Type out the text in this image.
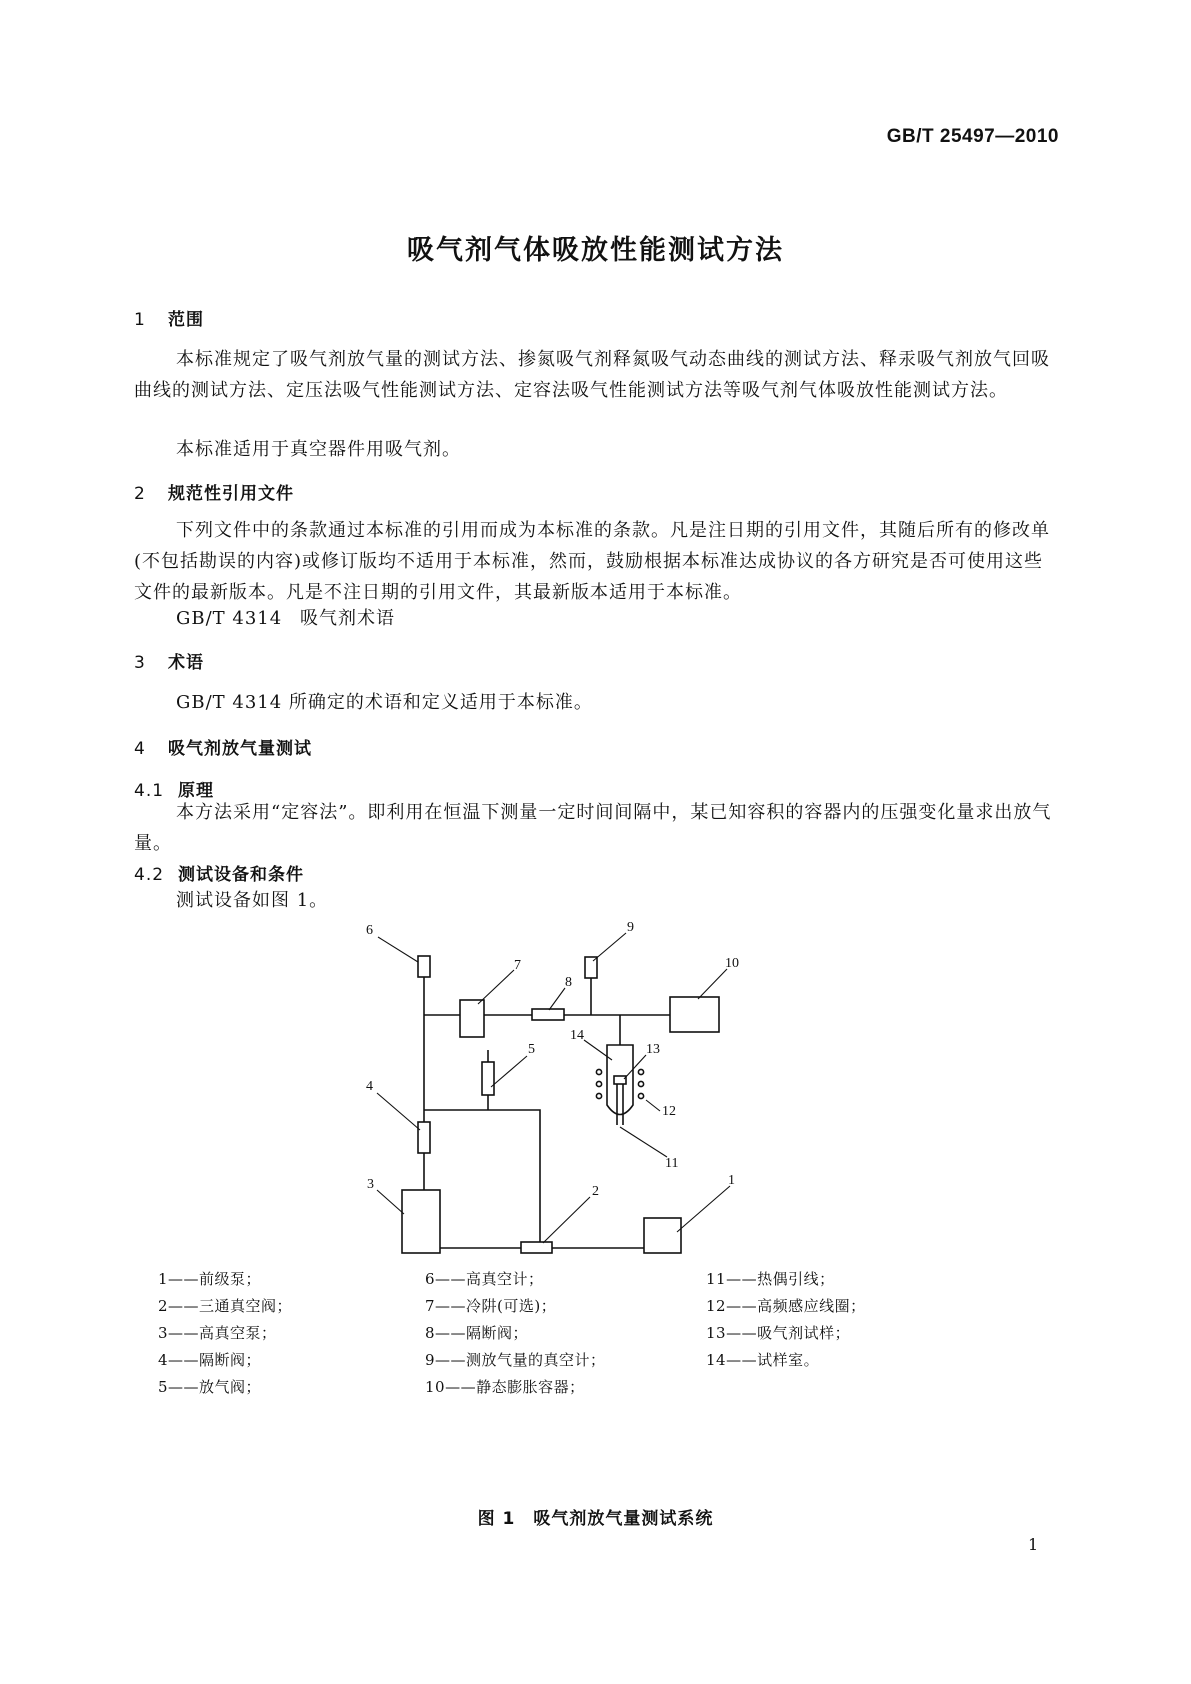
GB/T 25497—2010
吸气剂气体吸放性能测试方法
1 范围

本标准规定了吸气剂放气量的测试方法、掺氮吸气剂释氮吸气动态曲线的测试方法、释汞吸气剂放气回吸曲线的测试方法、定压法吸气性能测试方法、定容法吸气性能测试方法等吸气剂气体吸放性能测试方法。

本标准适用于真空器件用吸气剂。

2 规范性引用文件

下列文件中的条款通过本标准的引用而成为本标准的条款。凡是注日期的引用文件，其随后所有的修改单(不包括勘误的内容)或修订版均不适用于本标准，然而，鼓励根据本标准达成协议的各方研究是否可使用这些文件的最新版本。凡是不注日期的引用文件，其最新版本适用于本标准。

GB/T 4314 吸气剂术语
3 术语

GB/T 4314 所确定的术语和定义适用于本标准。

4 吸气剂放气量测试
4.1 原理

本方法采用“定容法”。即利用在恒温下测量一定时间间隔中，某已知容积的容器内的压强变化量求出放气量。

4.2 测试设备和条件

测试设备如图 1。

6
7
8
9
10
5
4
14
13
12
11
3	2
1
1——前级泵；
2——三通真空阀；
3——高真空泵；
4——隔断阀；
5——放气阀；
6——高真空计；
7——冷阱(可选)；
8——隔断阀；
9——测放气量的真空计；
10——静态膨胀容器；
11——热偶引线；
12——高频感应线圈；
13——吸气剂试样；
14——试样室。
图 1　吸气剂放气量测试系统
1
